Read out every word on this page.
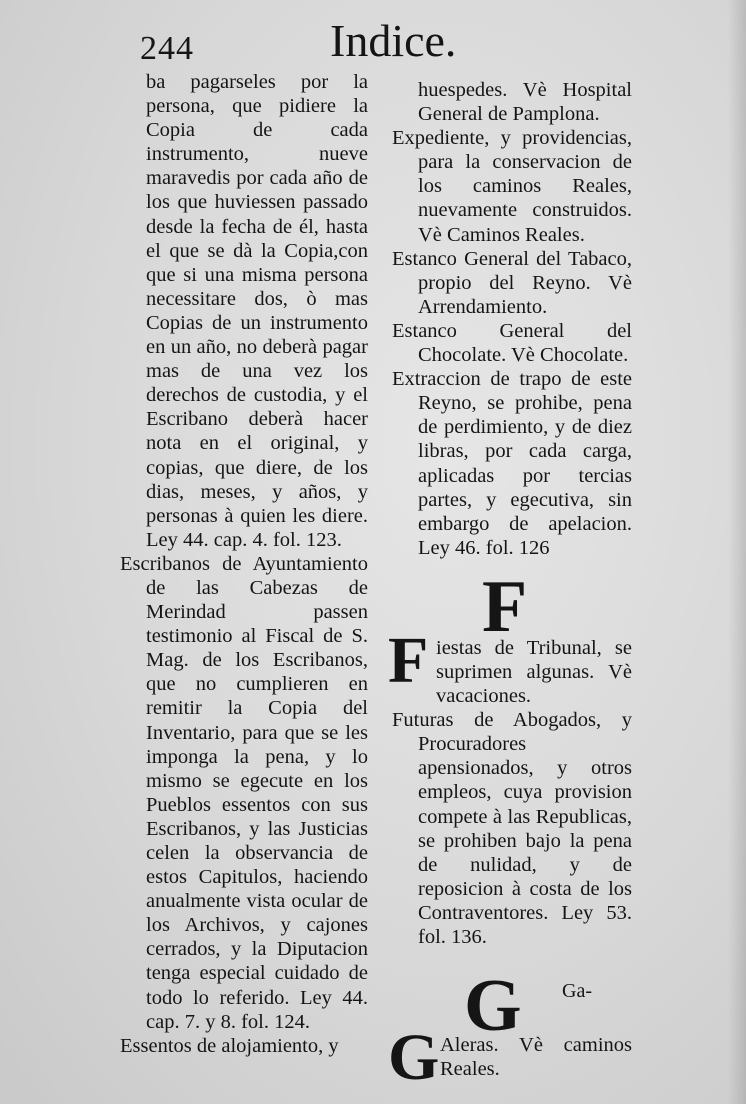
244	Indice.

ba pagarseles por la persona, que pidiere la Copia de cada instrumento, nueve maravedis por cada año de los que huviessen passado desde la fecha de él, hasta el que se dà la Copia,con que si una misma persona necessitare dos, ò mas Copias de un instrumento en un año, no deberà pagar mas de una vez los derechos de custodia, y el Escribano deberà hacer nota en el original, y copias, que diere, de los dias, meses, y años, y personas à quien les diere. Ley 44. cap. 4. fol. 123.

Escribanos de Ayuntamiento de las Cabezas de Merindad passen testimonio al Fiscal de S. Mag. de los Escribanos, que no cumplieren en remitir la Copia del Inventario, para que se les imponga la pena, y lo mismo se egecute en los Pueblos essentos con sus Escribanos, y las Justicias celen la observancia de estos Capitulos, haciendo anualmente vista ocular de los Archivos, y cajones cerrados, y la Diputacion tenga especial cuidado de todo lo referido. Ley 44. cap. 7. y 8. fol. 124.

Essentos de alojamiento, y

huespedes. Vè Hospital General de Pamplona.

Expediente, y providencias, para la conservacion de los caminos Reales, nuevamente construidos. Vè Caminos Reales.

Estanco General del Tabaco, propio del Reyno. Vè Arrendamiento.

Estanco General del Chocolate. Vè Chocolate.

Extraccion de trapo de este Reyno, se prohibe, pena de perdimiento, y de diez libras, por cada carga, aplicadas por tercias partes, y egecutiva, sin embargo de apelacion. Ley 46. fol. 126

F

F iestas de Tribunal, se suprimen algunas. Vè vacaciones.

Futuras de Abogados, y Procuradores apensionados, y otros empleos, cuya provision compete à las Republicas, se prohiben bajo la pena de nulidad, y de reposicion à costa de los Contraventores. Ley 53. fol. 136.

G

G Aleras. Vè caminos Reales.

Ga-
